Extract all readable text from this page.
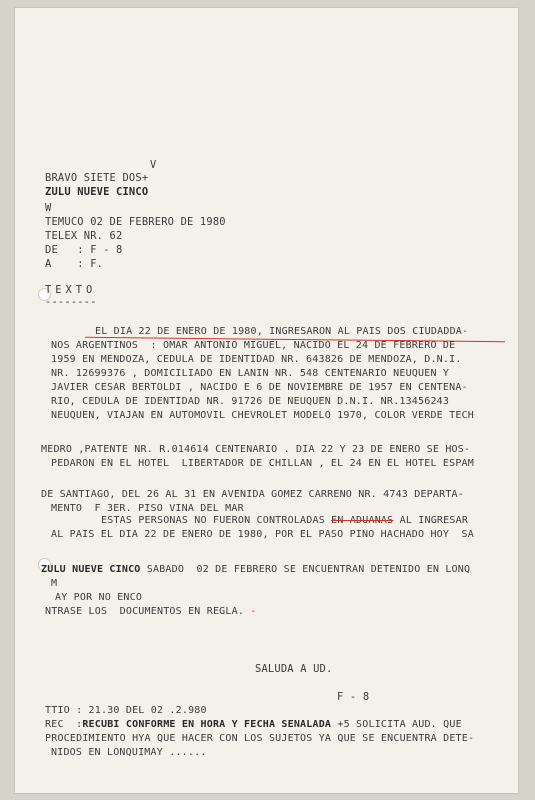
V
BRAVO SIETE DOS+
ZULU NUEVE CINCO
W
TEMUCO 02 DE FEBRERO DE 1980
TELEX NR. 62
DE   : F - 8
A    : F.
TEXTO
--------
EL DIA 22 DE ENERO DE 1980, INGRESARON AL PAIS DOS CIUDADDA-
NOS ARGENTINOS  : OMAR ANTONIO MIGUEL, NACIDO EL 24 DE FEBRERO DE
1959 EN MENDOZA, CEDULA DE IDENTIDAD NR. 643826 DE MENDOZA, D.N.I.
NR. 12699376 , DOMICILIADO EN LANIN NR. 548 CENTENARIO NEUQUEN Y
JAVIER CESAR BERTOLDI , NACIDO E 6 DE NOVIEMBRE DE 1957 EN CENTENA-
RIO, CEDULA DE IDENTIDAD NR. 91726 DE NEUQUEN D.N.I. NR.13456243
NEUQUEN, VIAJAN EN AUTOMOVIL CHEVROLET MODELO 1970, COLOR VERDE TECH
MEDRO ,PATENTE NR. R.014614 CENTENARIO . DIA 22 Y 23 DE ENERO SE HOS-
PEDARON EN EL HOTEL  LIBERTADOR DE CHILLAN , EL 24 EN EL HOTEL ESPAM
DE SANTIAGO, DEL 26 AL 31 EN AVENIDA GOMEZ CARRENO NR. 4743 DEPARTA-
MENTO  F 3ER. PISO VINA DEL MAR
ESTAS PERSONAS NO FUERON CONTROLADAS EN ADUANAS AL INGRESAR
AL PAIS EL DIA 22 DE ENERO DE 1980, POR EL PASO PINO HACHADO HOY  SA
ZULU NUEVE CINCO SABADO  02 DE FEBRERO SE ENCUENTRAN DETENIDO EN LONQ
M
AY POR NO ENCO
NTRASE LOS  DOCUMENTOS EN REGLA. -
SALUDA A UD.
F - 8
TTIO : 21.30 DEL 02 .2.980
REC  :RECUBI CONFORME EN HORA Y FECHA SENALADA +5 SOLICITA AUD. QUE
PROCEDIMIENTO HYA QUE HACER CON LOS SUJETOS YA QUE SE ENCUENTRA DETE-
NIDOS EN LONQUIMAY ......
